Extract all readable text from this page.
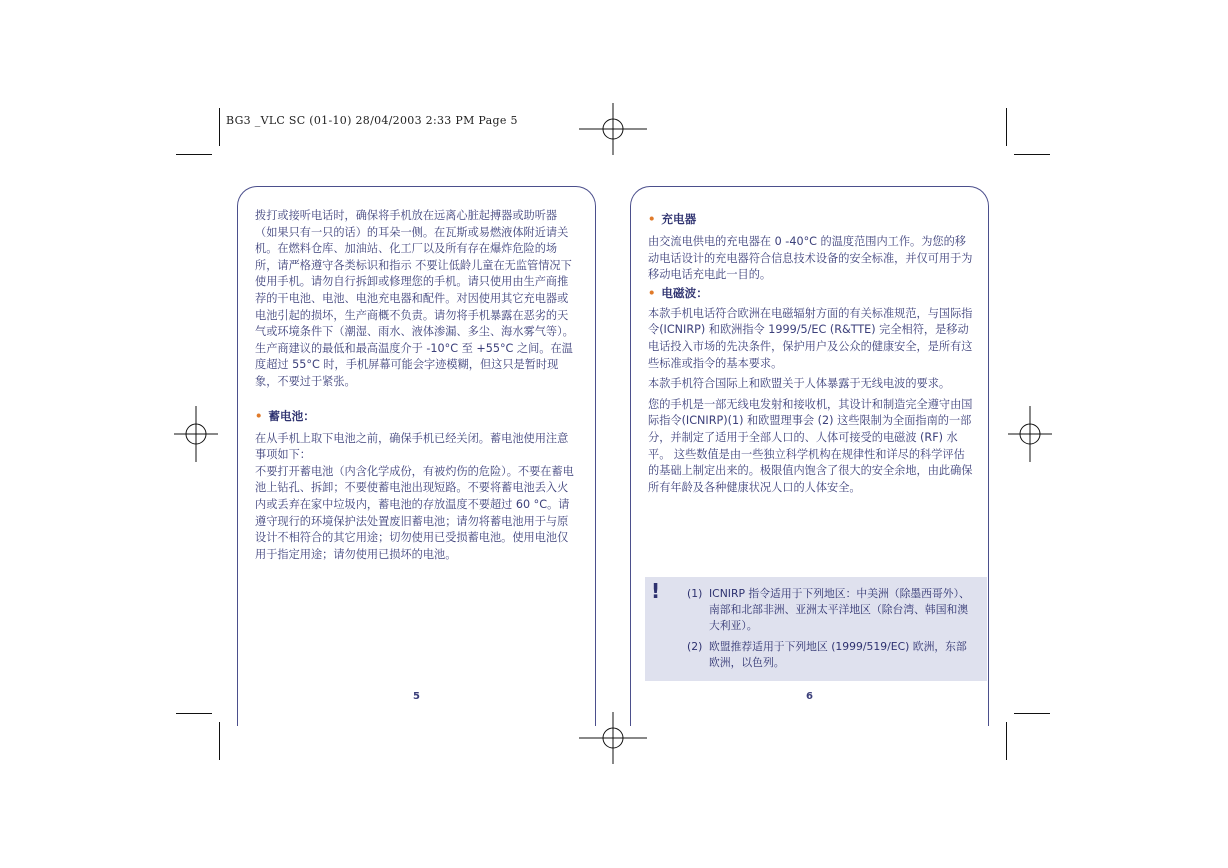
BG3 _VLC SC (01-10) 28/04/2003 2:33 PM Page 5

拨打或接听电话时，确保将手机放在远离心脏起搏器或助听器（如果只有一只的话）的耳朵一侧。在瓦斯或易燃液体附近请关机。在燃料仓库、加油站、化工厂以及所有存在爆炸危险的场所，请严格遵守各类标识和指示 不要让低龄儿童在无监管情况下使用手机。请勿自行拆卸或修理您的手机。请只使用由生产商推荐的干电池、电池、电池充电器和配件。对因使用其它充电器或电池引起的损坏，生产商概不负责。请勿将手机暴露在恶劣的天气或环境条件下（潮湿、雨水、液体渗漏、多尘、海水雾气等）。生产商建议的最低和最高温度介于 -10°C 至 +55°C 之间。在温度超过 55°C 时，手机屏幕可能会字迹模糊，但这只是暂时现象，不要过于紧张。

• 蓄电池：

在从手机上取下电池之前，确保手机已经关闭。蓄电池使用注意事项如下：

不要打开蓄电池（内含化学成份，有被灼伤的危险）。不要在蓄电池上钻孔、拆卸；不要使蓄电池出现短路。不要将蓄电池丢入火内或丢弃在家中垃圾内，蓄电池的存放温度不要超过 60 °C。请遵守现行的环境保护法处置废旧蓄电池；请勿将蓄电池用于与原设计不相符合的其它用途；切勿使用已受损蓄电池。使用电池仅用于指定用途；请勿使用已损坏的电池。

5

• 充电器

由交流电供电的充电器在 0 -40°C 的温度范围内工作。为您的移动电话设计的充电器符合信息技术设备的安全标准，并仅可用于为移动电话充电此一目的。

• 电磁波：

本款手机电话符合欧洲在电磁辐射方面的有关标准规范，与国际指令(ICNIRP) 和欧洲指令 1999/5/EC (R&TTE) 完全相符，是移动电话投入市场的先决条件，保护用户及公众的健康安全，是所有这些标准或指令的基本要求。

本款手机符合国际上和欧盟关于人体暴露于无线电波的要求。

您的手机是一部无线电发射和接收机，其设计和制造完全遵守由国际指令(ICNIRP)(1) 和欧盟理事会 (2) 这些限制为全面指南的一部分，并制定了适用于全部人口的、人体可接受的电磁波 (RF) 水平。 这些数值是由一些独立科学机构在规律性和详尽的科学评估的基础上制定出来的。极限值内饱含了很大的安全余地，由此确保所有年龄及各种健康状况人口的人体安全。

! (1) ICNIRP 指令适用于下列地区：中美洲（除墨西哥外）、南部和北部非洲、亚洲太平洋地区（除台湾、韩国和澳大利亚）。
(2) 欧盟推荐适用于下列地区 (1999/519/EC) 欧洲，东部欧洲，以色列。
6
